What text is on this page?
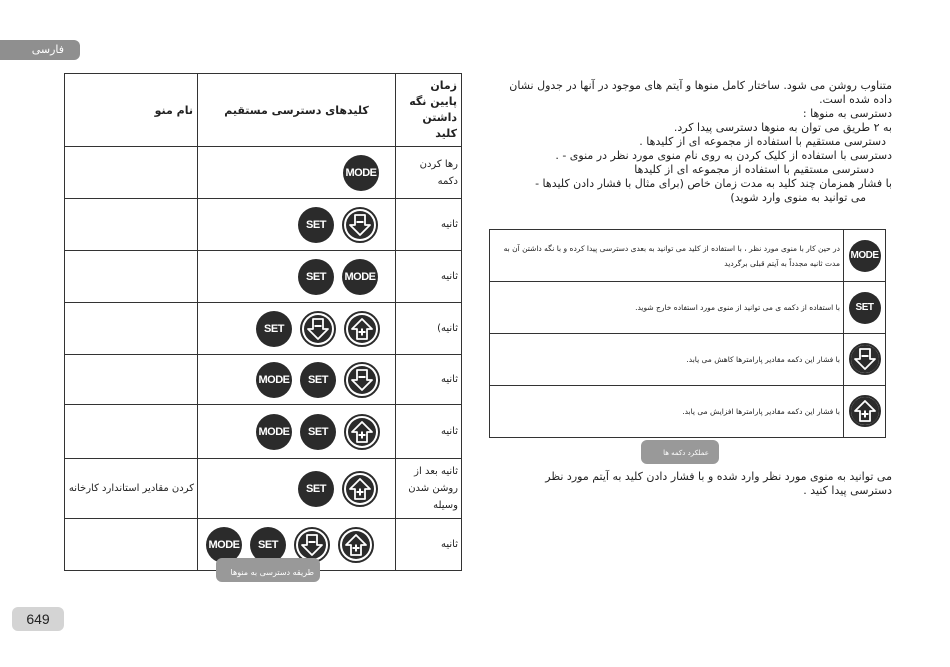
فارسی
زمان پایین نگه داشتن کلید	کلیدهای دسترسی مستقیم	نام منو
رها کردن دکمه	MODE	

ثانیه	SET	

ثانیه	SET MODE	

ثانیه)	SET	

ثانیه	MODE SET	

ثانیه	MODE SET	

ثانیه بعد از روشن شدن وسیله	SET	کردن مقادیر استاندارد کارخانه
ثانیه	MODE SET	

طریقه دسترسی به منوها
متناوب روشن می شود. ساختار کامل منوها و آیتم های موجود در آنها در جدول نشان
داده شده است.
دسترسی به منوها :
به ۲ طریق می توان به منوها دسترسی پیدا کرد.
دسترسی مستقیم با استفاده از مجموعه ای از کلیدها .
دسترسی با استفاده از کلیک کردن به روی نام منوی مورد نظر در منوی - .
دسترسی مستقیم با استفاده از مجموعه ای از کلیدها
با فشار همزمان چند کلید به مدت زمان خاص (برای مثال با فشار دادن کلیدها -
می توانید به منوی وارد شوید)
MODE	در حین کار با منوی مورد نظر ، با استفاده از کلید می توانید به بعدی دسترسی پیدا کرده و با نگه داشتن آن به مدت ثانیه مجدداً به آیتم قبلی برگردید
SET	با استفاده از دکمه ی می توانید از منوی مورد استفاده خارج شوید.

	با فشار این دکمه مقادیر پارامترها کاهش می یابد.

	با فشار این دکمه مقادیر پارامترها افزایش می یابد.
عملکرد دکمه ها
می توانید به منوی مورد نظر وارد شده و با فشار دادن کلید به آیتم مورد نظر
دسترسی پیدا کنید .
649
